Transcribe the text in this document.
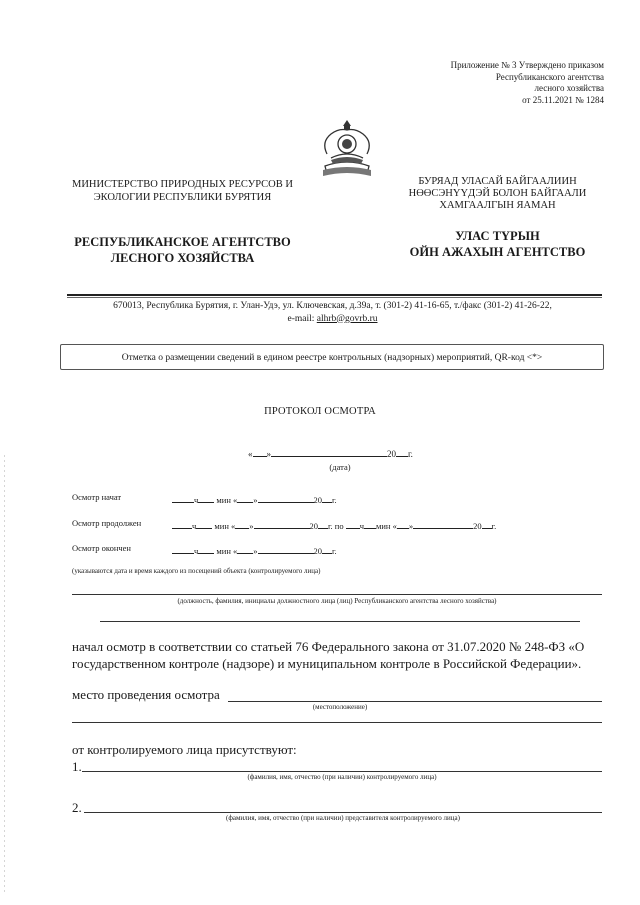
Приложение № 3 Утверждено приказом
Республиканского агентства
лесного хозяйства
от 25.11.2021 № 1284
МИНИСТЕРСТВО ПРИРОДНЫХ РЕСУРСОВ И
ЭКОЛОГИИ РЕСПУБЛИКИ БУРЯТИЯ
РЕСПУБЛИКАНСКОЕ АГЕНТСТВО
ЛЕСНОГО ХОЗЯЙСТВА
БУРЯАД УЛАСАЙ БАЙГААЛИИН
НӨӨСЭНҮҮДЭЙ БОЛОН БАЙГААЛИ
ХАМГААЛГЫН ЯАМАН
УЛАС ТҮРЫН
ОЙН АЖАХЫН АГЕНТСТВО
670013, Республика Бурятия, г. Улан-Удэ, ул. Ключевская, д.39а, т. (301-2) 41-16-65, т./факс (301-2) 41-26-22,
e-mail: alhrb@govrb.ru
Отметка о размещении сведений в едином реестре контрольных (надзорных) мероприятий, QR-код <*>
ПРОТОКОЛ ОСМОТРА
« »	20 г.
(дата)
Осмотр начат	ч мин « »	20 г.
Осмотр продолжен	ч мин « »	20 г. по ч мин « »	20 г.
Осмотр окончен	ч мин « »	20 г.
(указываются дата и время каждого из посещений объекта (контролируемого лица)
(должность, фамилия, инициалы должностного лица (лиц) Республиканского агентства лесного хозяйства)
начал осмотр в соответствии со статьей 76 Федерального закона от 31.07.2020 № 248-ФЗ «О государственном контроле (надзоре) и муниципальном контроле в Российской Федерации».
место проведения осмотра
(местоположение)
от контролируемого лица присутствуют:
1.
(фамилия, имя, отчество (при наличии) контролируемого лица)
2.
(фамилия, имя, отчество (при наличии) представителя контролируемого лица)
